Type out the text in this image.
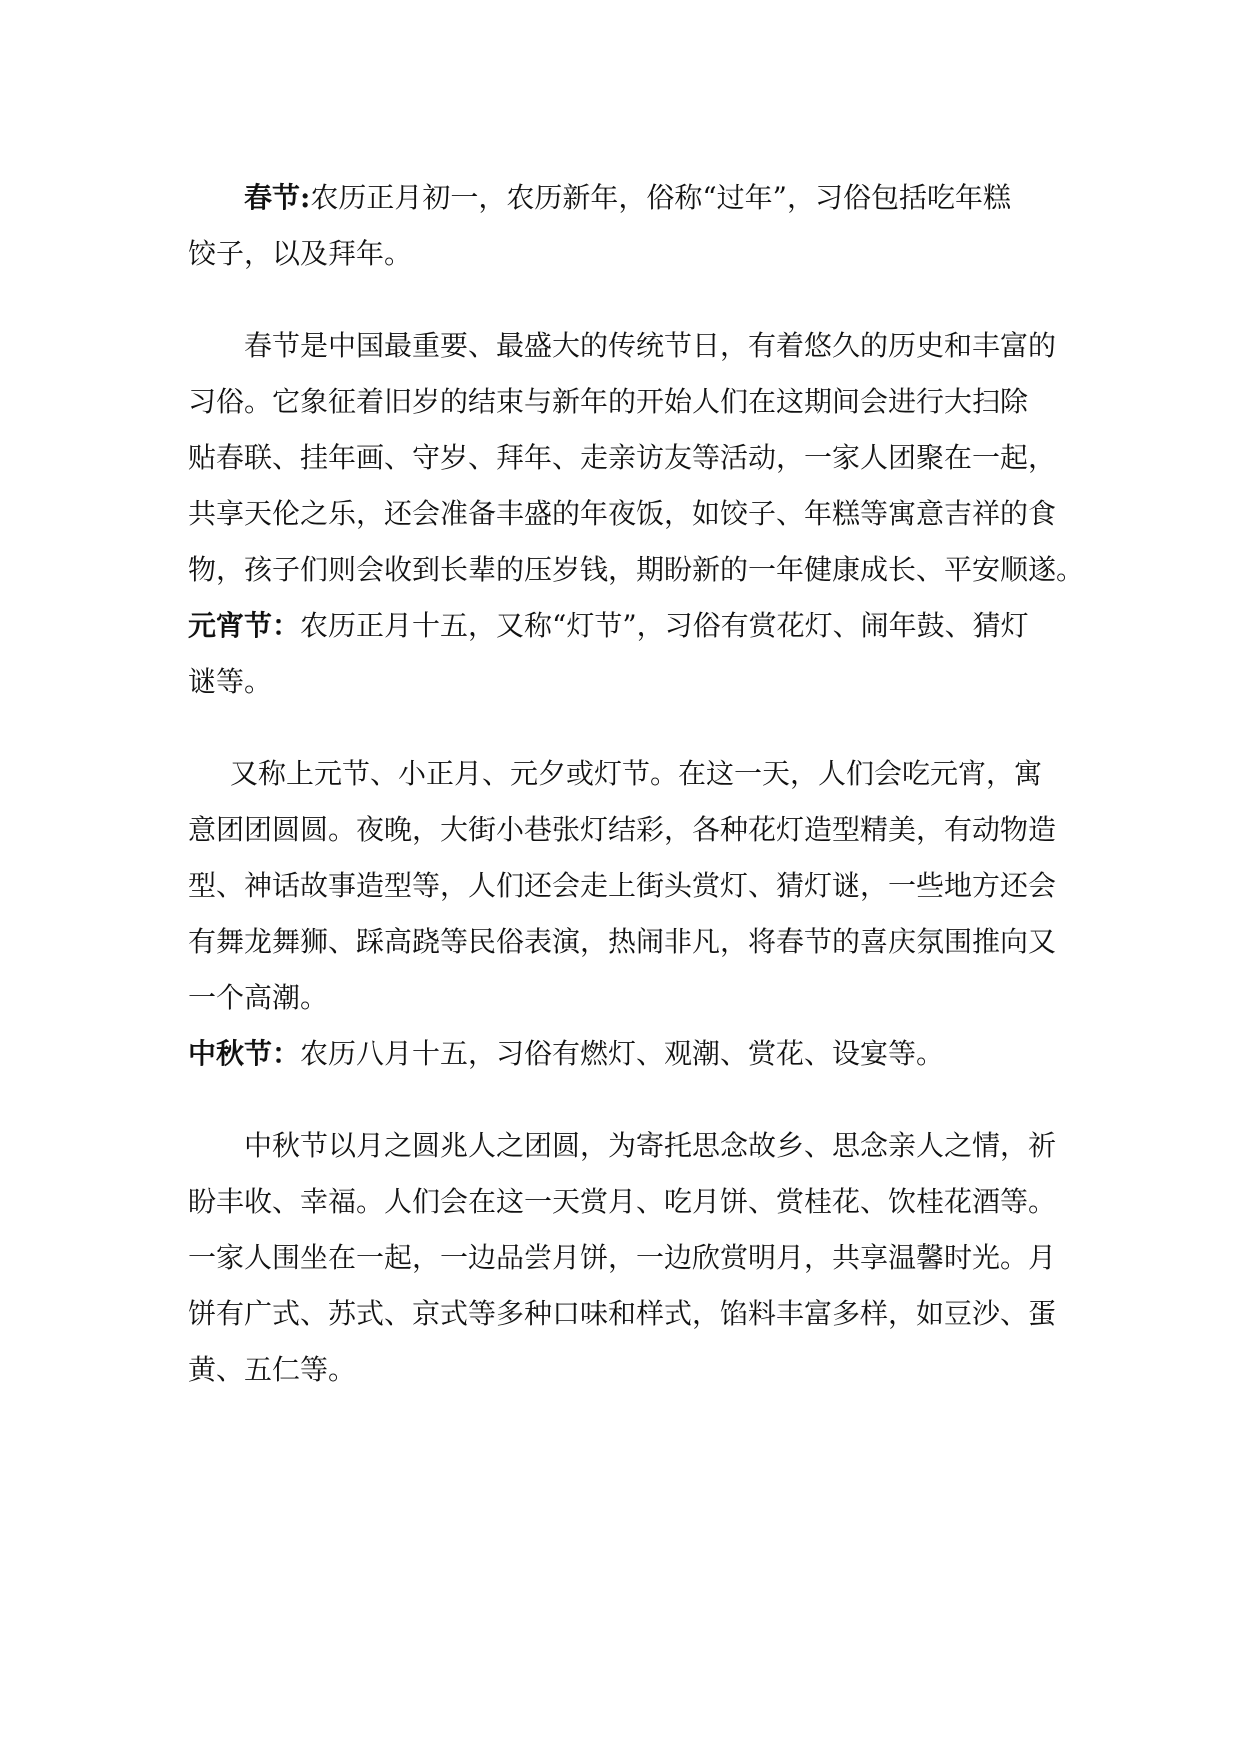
春节:农历正月初一，农历新年，俗称“过年”，习俗包括吃年糕
饺子，以及拜年。
春节是中国最重要、最盛大的传统节日，有着悠久的历史和丰富的
习俗。它象征着旧岁的结束与新年的开始人们在这期间会进行大扫除
贴春联、挂年画、守岁、拜年、走亲访友等活动，一家人团聚在一起，
共享天伦之乐，还会准备丰盛的年夜饭，如饺子、年糕等寓意吉祥的食
物，孩子们则会收到长辈的压岁钱，期盼新的一年健康成长、平安顺遂。
元宵节：农历正月十五，又称“灯节”，习俗有赏花灯、闹年鼓、猜灯
谜等。
又称上元节、小正月、元夕或灯节。在这一天，人们会吃元宵，寓
意团团圆圆。夜晚，大街小巷张灯结彩，各种花灯造型精美，有动物造
型、神话故事造型等，人们还会走上街头赏灯、猜灯谜，一些地方还会
有舞龙舞狮、踩高跷等民俗表演，热闹非凡，将春节的喜庆氛围推向又
一个高潮。
中秋节：农历八月十五，习俗有燃灯、观潮、赏花、设宴等。
中秋节以月之圆兆人之团圆，为寄托思念故乡、思念亲人之情，祈
盼丰收、幸福。人们会在这一天赏月、吃月饼、赏桂花、饮桂花酒等。
一家人围坐在一起，一边品尝月饼，一边欣赏明月，共享温馨时光。月
饼有广式、苏式、京式等多种口味和样式，馅料丰富多样，如豆沙、蛋
黄、五仁等。
